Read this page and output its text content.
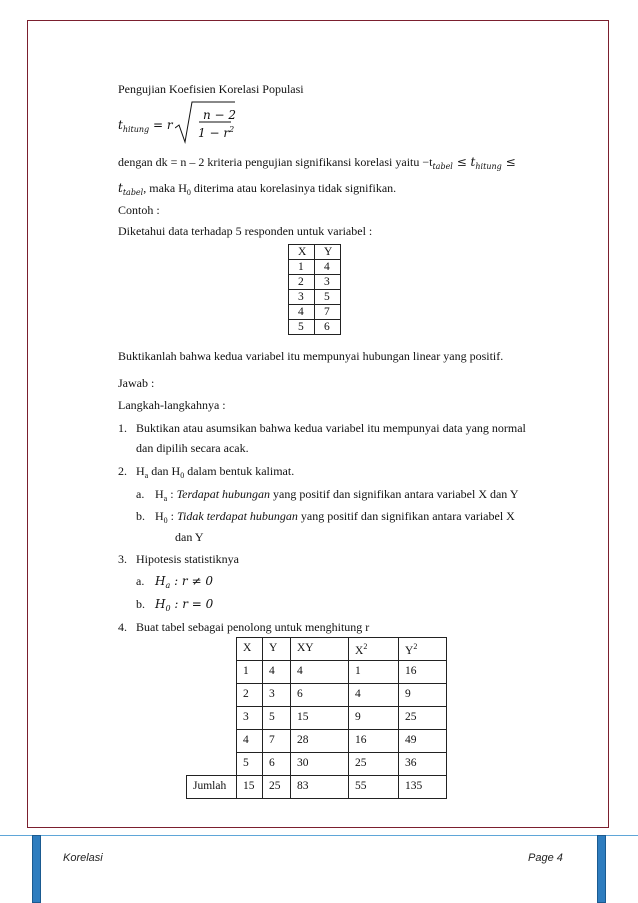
Pengujian Koefisien Korelasi Populasi
$t_{hitung} = r$
n − 2
$1 - r^2$
dengan dk = n – 2 kriteria pengujian signifikansi korelasi yaitu $-t_{tabel} \le t_{hitung}$ ≤
$t_{tabel}$, maka $H_0$ diterima atau korelasinya tidak signifikan.
Contoh :
Diketahui data terhadap 5 responden untuk variabel :
Buktikanlah bahwa kedua variabel itu mempunyai hubungan linear yang positif.
Jawab :
Langkah-langkahnya :
1. Buktikan atau asumsikan bahwa kedua variabel itu mempunyai data yang normal
dan dipilih secara acak.
2. $H_a$ dan $H_0$ dalam bentuk kalimat.
a. $H_a$ : Terdapat hubungan yang positif dan signifikan antara variabel X dan Y
b. $H_0$ : Tidak terdapat hubungan yang positif dan signifikan antara variabel X
dan Y
3. Hipotesis statistiknya
a. $H_a$ : r ≠ 0
b. $H_0$ : r = 0
4. Buat tabel sebagai penolong untuk menghitung r
X	Y
1	4
2	3
3	5
4	7
5	6
	X	Y	XY	$X^2$	$Y^2$
	1	4	4	1	16
	2	3	6	4	9
	3	5	15	9	25
	4	7	28	16	49
	5	6	30	25	36
Jumlah	15	25	83	55	135
Korelasi	Page 4
